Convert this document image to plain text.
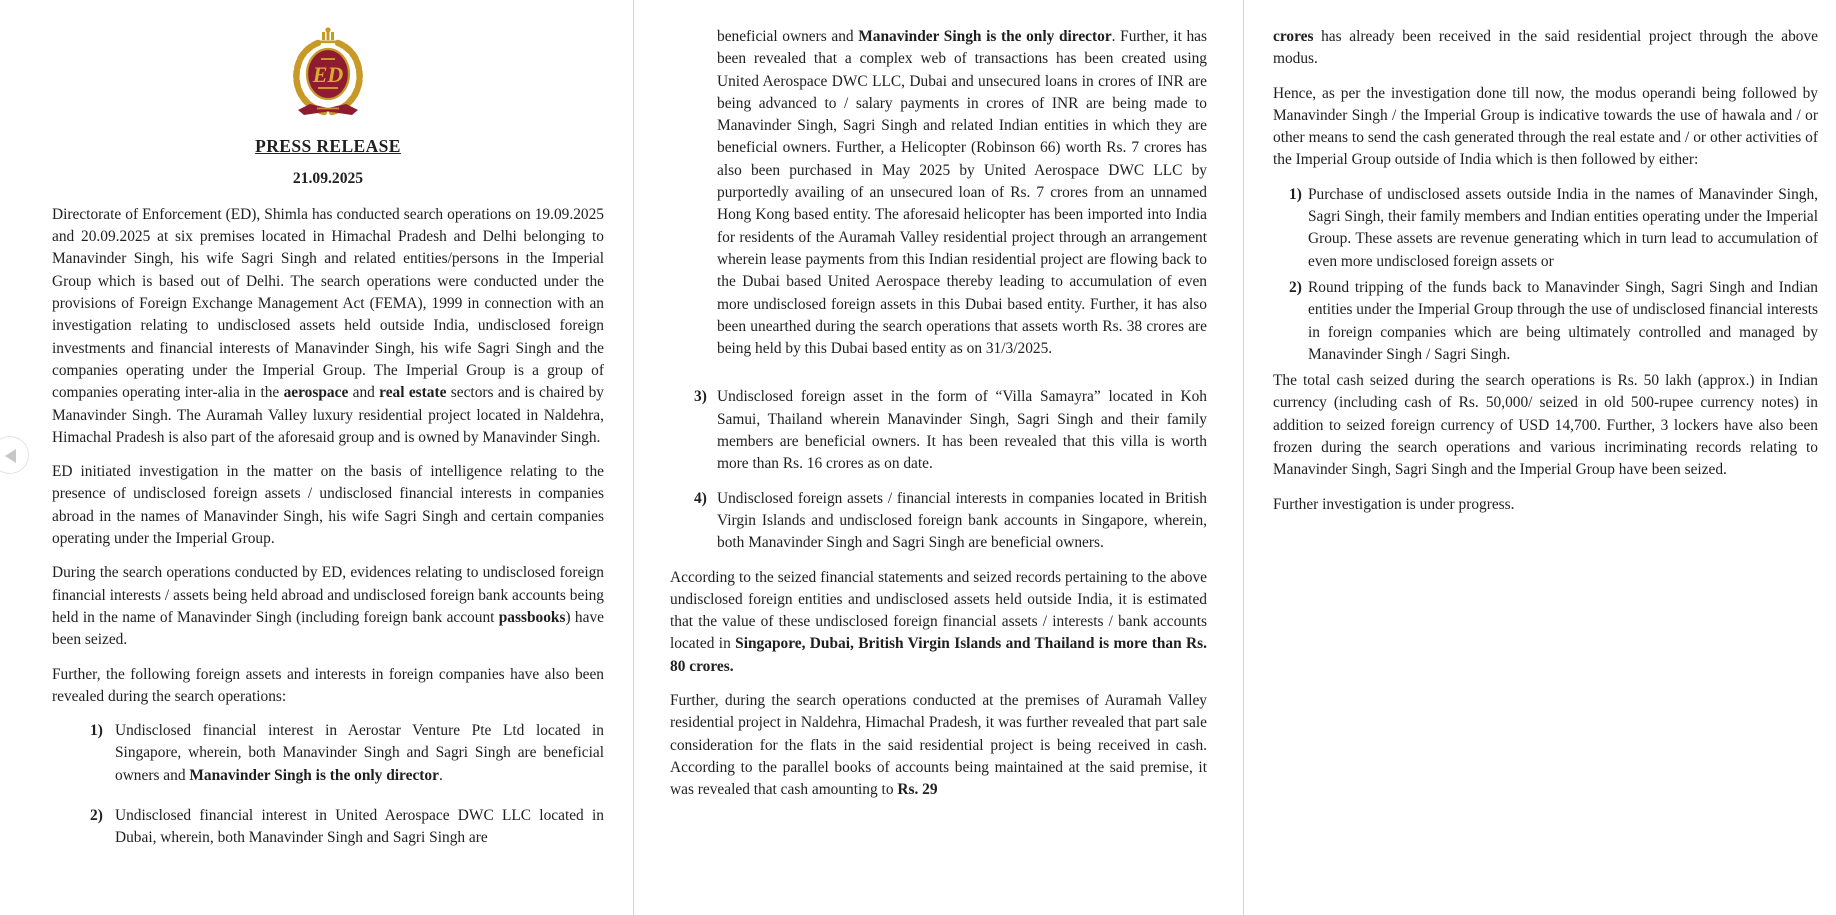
ED
PRESS RELEASE
21.09.2025
Directorate of Enforcement (ED), Shimla has conducted search operations on 19.09.2025 and 20.09.2025 at six premises located in Himachal Pradesh and Delhi belonging to Manavinder Singh, his wife Sagri Singh and related entities/persons in the Imperial Group which is based out of Delhi. The search operations were conducted under the provisions of Foreign Exchange Management Act (FEMA), 1999 in connection with an investigation relating to undisclosed assets held outside India, undisclosed foreign investments and financial interests of Manavinder Singh, his wife Sagri Singh and the companies operating under the Imperial Group. The Imperial Group is a group of companies operating inter-alia in the aerospace and real estate sectors and is chaired by Manavinder Singh. The Auramah Valley luxury residential project located in Naldehra, Himachal Pradesh is also part of the aforesaid group and is owned by Manavinder Singh.
ED initiated investigation in the matter on the basis of intelligence relating to the presence of undisclosed foreign assets / undisclosed financial interests in companies abroad in the names of Manavinder Singh, his wife Sagri Singh and certain companies operating under the Imperial Group.
During the search operations conducted by ED, evidences relating to undisclosed foreign financial interests / assets being held abroad and undisclosed foreign bank accounts being held in the name of Manavinder Singh (including foreign bank account passbooks) have been seized.
Further, the following foreign assets and interests in foreign companies have also been revealed during the search operations:
1) Undisclosed financial interest in Aerostar Venture Pte Ltd located in Singapore, wherein, both Manavinder Singh and Sagri Singh are beneficial owners and Manavinder Singh is the only director.
2) Undisclosed financial interest in United Aerospace DWC LLC located in Dubai, wherein, both Manavinder Singh and Sagri Singh are
beneficial owners and Manavinder Singh is the only director. Further, it has been revealed that a complex web of transactions has been created using United Aerospace DWC LLC, Dubai and unsecured loans in crores of INR are being advanced to / salary payments in crores of INR are being made to Manavinder Singh, Sagri Singh and related Indian entities in which they are beneficial owners. Further, a Helicopter (Robinson 66) worth Rs. 7 crores has also been purchased in May 2025 by United Aerospace DWC LLC by purportedly availing of an unsecured loan of Rs. 7 crores from an unnamed Hong Kong based entity. The aforesaid helicopter has been imported into India for residents of the Auramah Valley residential project through an arrangement wherein lease payments from this Indian residential project are flowing back to the Dubai based United Aerospace thereby leading to accumulation of even more undisclosed foreign assets in this Dubai based entity. Further, it has also been unearthed during the search operations that assets worth Rs. 38 crores are being held by this Dubai based entity as on 31/3/2025.
3) Undisclosed foreign asset in the form of “Villa Samayra” located in Koh Samui, Thailand wherein Manavinder Singh, Sagri Singh and their family members are beneficial owners. It has been revealed that this villa is worth more than Rs. 16 crores as on date.
4) Undisclosed foreign assets / financial interests in companies located in British Virgin Islands and undisclosed foreign bank accounts in Singapore, wherein, both Manavinder Singh and Sagri Singh are beneficial owners.
According to the seized financial statements and seized records pertaining to the above undisclosed foreign entities and undisclosed assets held outside India, it is estimated that the value of these undisclosed foreign financial assets / interests / bank accounts located in Singapore, Dubai, British Virgin Islands and Thailand is more than Rs. 80 crores.
Further, during the search operations conducted at the premises of Auramah Valley residential project in Naldehra, Himachal Pradesh, it was further revealed that part sale consideration for the flats in the said residential project is being received in cash. According to the parallel books of accounts being maintained at the said premise, it was revealed that cash amounting to Rs. 29
crores has already been received in the said residential project through the above modus.
Hence, as per the investigation done till now, the modus operandi being followed by Manavinder Singh / the Imperial Group is indicative towards the use of hawala and / or other means to send the cash generated through the real estate and / or other activities of the Imperial Group outside of India which is then followed by either:
1) Purchase of undisclosed assets outside India in the names of Manavinder Singh, Sagri Singh, their family members and Indian entities operating under the Imperial Group. These assets are revenue generating which in turn lead to accumulation of even more undisclosed foreign assets or
2) Round tripping of the funds back to Manavinder Singh, Sagri Singh and Indian entities under the Imperial Group through the use of undisclosed financial interests in foreign companies which are being ultimately controlled and managed by Manavinder Singh / Sagri Singh.
The total cash seized during the search operations is Rs. 50 lakh (approx.) in Indian currency (including cash of Rs. 50,000/ seized in old 500-rupee currency notes) in addition to seized foreign currency of USD 14,700. Further, 3 lockers have also been frozen during the search operations and various incriminating records relating to Manavinder Singh, Sagri Singh and the Imperial Group have been seized.
Further investigation is under progress.
